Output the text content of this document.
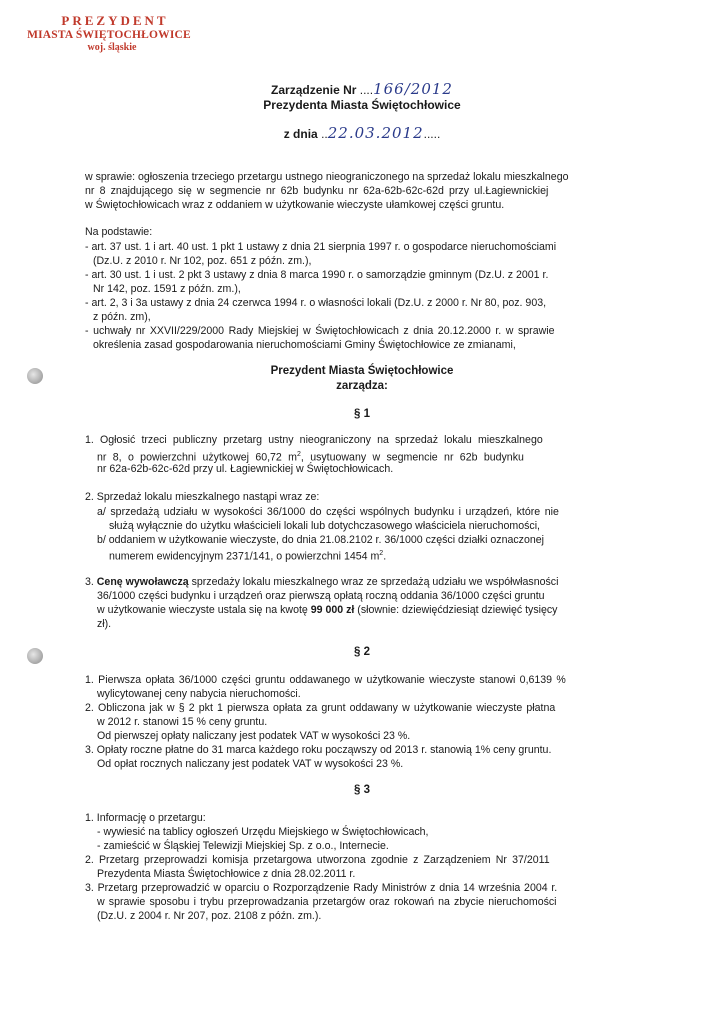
PREZYDENT
MIASTA ŚWIĘTOCHŁOWICE
woj. śląskie
Zarządzenie Nr ....166/2012
Prezydenta Miasta Świętochłowice
z dnia ..22.03.2012.....
w sprawie: ogłoszenia trzeciego przetargu ustnego nieograniczonego na sprzedaż lokalu mieszkalnego
nr 8 znajdującego się w segmencie nr 62b budynku nr 62a-62b-62c-62d przy ul.Łagiewnickiej
w Świętochłowicach wraz z oddaniem w użytkowanie wieczyste ułamkowej części gruntu.
Na podstawie:
- art. 37 ust. 1 i art. 40 ust. 1 pkt 1 ustawy z dnia 21 sierpnia 1997 r. o gospodarce nieruchomościami
(Dz.U. z 2010 r. Nr 102, poz. 651 z późn. zm.),
- art. 30 ust. 1 i ust. 2 pkt 3 ustawy z dnia 8 marca 1990 r. o samorządzie gminnym (Dz.U. z 2001 r.
Nr 142, poz. 1591 z późn. zm.),
- art. 2, 3 i 3a ustawy z dnia 24 czerwca 1994 r. o własności lokali (Dz.U. z 2000 r. Nr 80, poz. 903,
z późn. zm),
- uchwały nr XXVII/229/2000 Rady Miejskiej w Świętochłowicach z dnia 20.12.2000 r. w sprawie
określenia zasad gospodarowania nieruchomościami Gminy Świętochłowice ze zmianami,
Prezydent Miasta Świętochłowice
zarządza:
§ 1
1. Ogłosić trzeci publiczny przetarg ustny nieograniczony na sprzedaż lokalu mieszkalnego
nr 8, o powierzchni użytkowej 60,72 $m^2$, usytuowany w segmencie nr 62b budynku
nr 62a-62b-62c-62d przy ul. Łagiewnickiej w Świętochłowicach.
2. Sprzedaż lokalu mieszkalnego nastąpi wraz ze:
a/ sprzedażą udziału w wysokości 36/1000 do części wspólnych budynku i urządzeń, które nie
służą wyłącznie do użytku właścicieli lokali lub dotychczasowego właściciela nieruchomości,
b/ oddaniem w użytkowanie wieczyste, do dnia 21.08.2102 r. 36/1000 części działki oznaczonej
numerem ewidencyjnym 2371/141, o powierzchni 1454 $m^2$.
3. Cenę wywoławczą sprzedaży lokalu mieszkalnego wraz ze sprzedażą udziału we współwłasności
36/1000 części budynku i urządzeń oraz pierwszą opłatą roczną oddania 36/1000 części gruntu
w użytkowanie wieczyste ustala się na kwotę 99 000 zł (słownie: dziewięćdziesiąt dziewięć tysięcy
zł).
§ 2
1. Pierwsza opłata 36/1000 części gruntu oddawanego w użytkowanie wieczyste stanowi 0,6139 %
wylicytowanej ceny nabycia nieruchomości.
2. Obliczona jak w § 2 pkt 1 pierwsza opłata za grunt oddawany w użytkowanie wieczyste płatna
w 2012 r. stanowi 15 % ceny gruntu.
Od pierwszej opłaty naliczany jest podatek VAT w wysokości 23 %.
3. Opłaty roczne płatne do 31 marca każdego roku począwszy od 2013 r. stanowią 1% ceny gruntu.
Od opłat rocznych naliczany jest podatek VAT w wysokości 23 %.
§ 3
1. Informację o przetargu:
- wywiesić na tablicy ogłoszeń Urzędu Miejskiego w Świętochłowicach,
- zamieścić w Śląskiej Telewizji Miejskiej Sp. z o.o., Internecie.
2. Przetarg przeprowadzi komisja przetargowa utworzona zgodnie z Zarządzeniem Nr 37/2011
Prezydenta Miasta Świętochłowice z dnia 28.02.2011 r.
3. Przetarg przeprowadzić w oparciu o Rozporządzenie Rady Ministrów z dnia 14 września 2004 r.
w sprawie sposobu i trybu przeprowadzania przetargów oraz rokowań na zbycie nieruchomości
(Dz.U. z 2004 r. Nr 207, poz. 2108 z późn. zm.).
